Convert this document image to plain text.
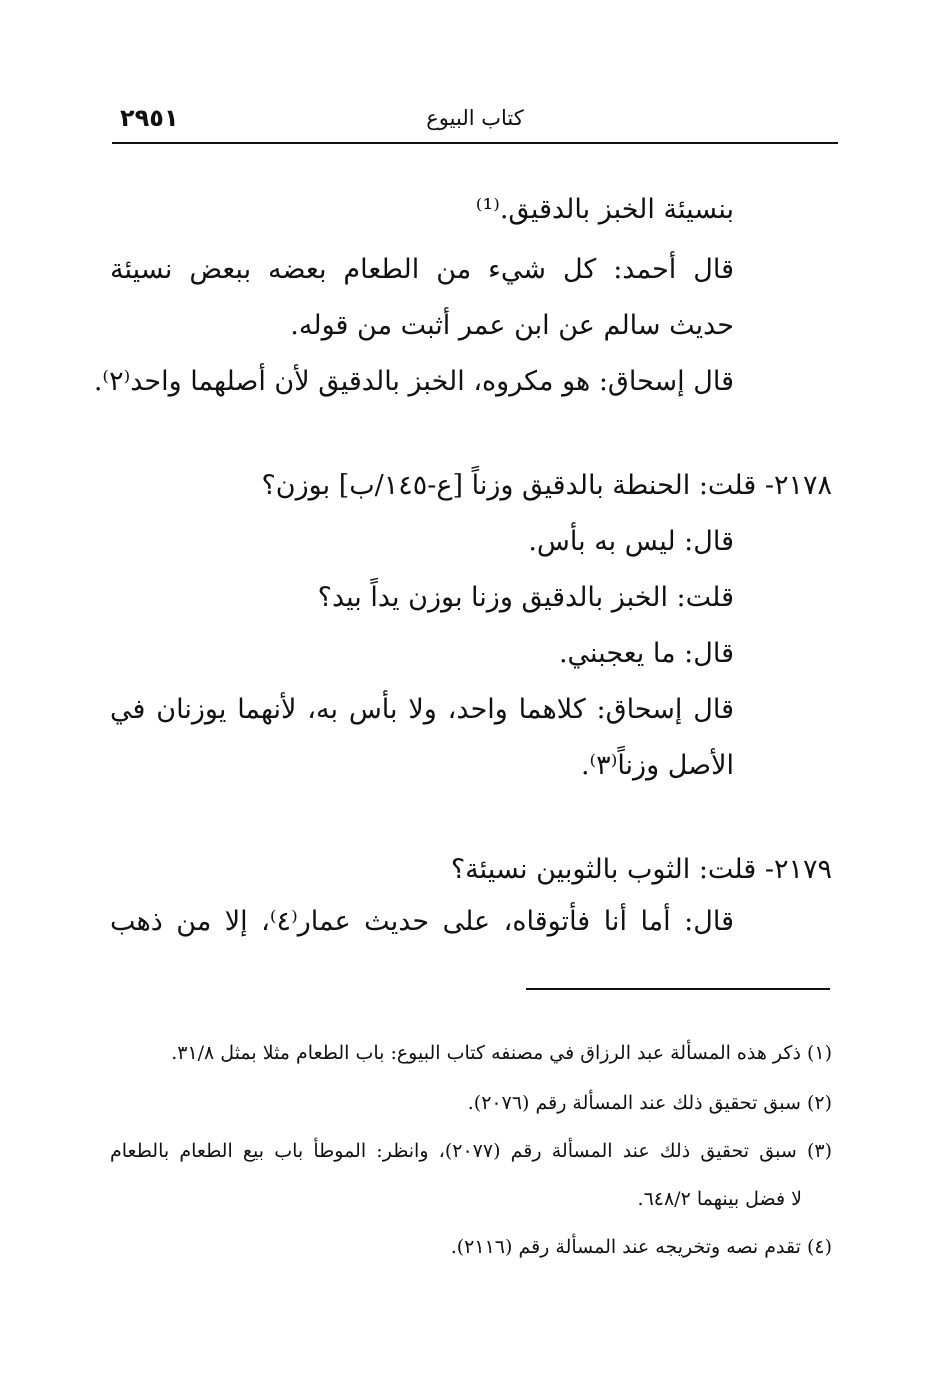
٢٩٥١	كتاب البيوع
بنسيئة الخبز بالدقيق.⁽¹⁾
قال أحمد: كل شيء من الطعام بعضه ببعض نسيئة
حديث سالم عن ابن عمر أثبت من قوله.
قال إسحاق: هو مكروه، الخبز بالدقيق لأن أصلهما واحد⁽٢⁾.
٢١٧٨- قلت: الحنطة بالدقيق وزناً [ع-١٤٥/ب] بوزن؟
قال: ليس به بأس.
قلت: الخبز بالدقيق وزنا بوزن يداً بيد؟
قال: ما يعجبني.
قال إسحاق: كلاهما واحد، ولا بأس به، لأنهما يوزنان في
الأصل وزناً⁽٣⁾.
٢١٧٩- قلت: الثوب بالثوبين نسيئة؟
قال: أما أنا فأتوقاه، على حديث عمار⁽٤⁾، إلا من ذهب
(١) ذكر هذه المسألة عبد الرزاق في مصنفه كتاب البيوع: باب الطعام مثلا بمثل ٣١/٨.
(٢) سبق تحقيق ذلك عند المسألة رقم (٢٠٧٦).
(٣) سبق تحقيق ذلك عند المسألة رقم (٢٠٧٧)، وانظر: الموطأ باب بيع الطعام بالطعام
لا فضل بينهما ٦٤٨/٢.
(٤) تقدم نصه وتخريجه عند المسألة رقم (٢١١٦).
